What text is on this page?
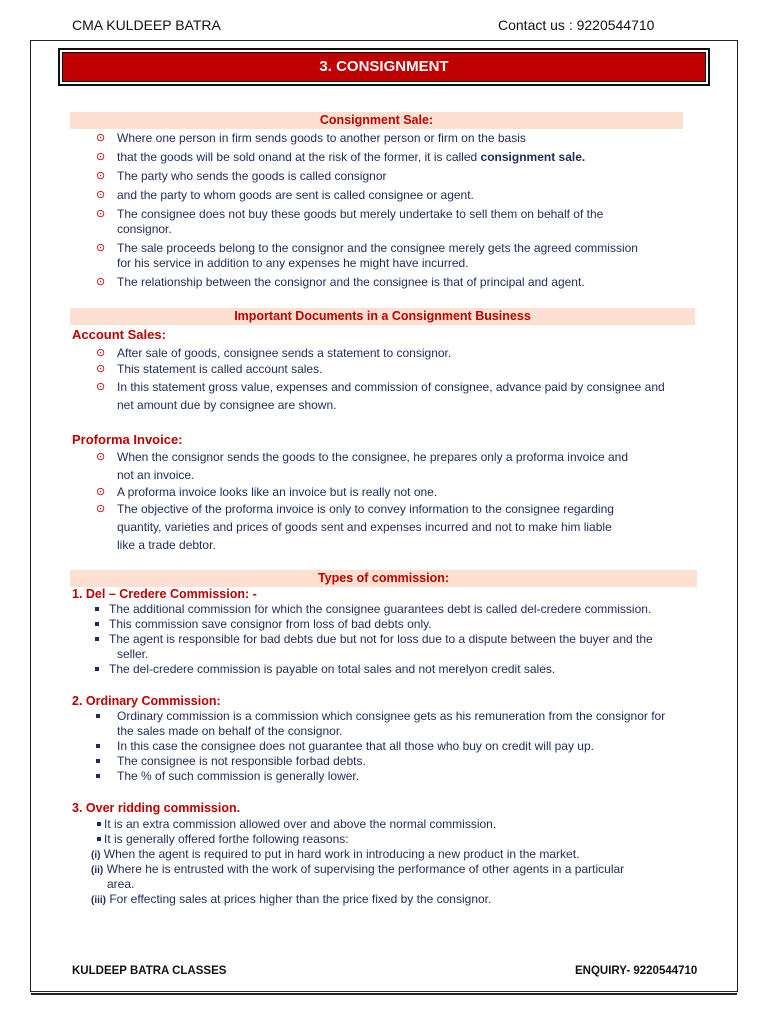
CMA KULDEEP BATRA	Contact us : 9220544710
3. CONSIGNMENT
Consignment Sale:
⊙ Where one person in firm sends goods to another person or firm on the basis
⊙ that the goods will be sold onand at the risk of the former, it is called consignment sale.
⊙ The party who sends the goods is called consignor
⊙ and the party to whom goods are sent is called consignee or agent.
⊙ The consignee does not buy these goods but merely undertake to sell them on behalf of the
consignor.
⊙ The sale proceeds belong to the consignor and the consignee merely gets the agreed commission
for his service in addition to any expenses he might have incurred.
⊙ The relationship between the consignor and the consignee is that of principal and agent.
Important Documents in a Consignment Business
Account Sales:
⊙ After sale of goods, consignee sends a statement to consignor.
⊙ This statement is called account sales.
⊙ In this statement gross value, expenses and commission of consignee, advance paid by consignee and
net amount due by consignee are shown.
Proforma Invoice:
⊙ When the consignor sends the goods to the consignee, he prepares only a proforma invoice and
not an invoice.
⊙ A proforma invoice looks like an invoice but is really not one.
⊙ The objective of the proforma invoice is only to convey information to the consignee regarding
quantity, varieties and prices of goods sent and expenses incurred and not to make him liable
like a trade debtor.
Types of commission:
1. Del – Credere Commission: -
The additional commission for which the consignee guarantees debt is called del-credere commission.
This commission save consignor from loss of bad debts only.
The agent is responsible for bad debts due but not for loss due to a dispute between the buyer and the
seller.
The del-credere commission is payable on total sales and not merelyon credit sales.
2. Ordinary Commission:
Ordinary commission is a commission which consignee gets as his remuneration from the consignor for
the sales made on behalf of the consignor.
In this case the consignee does not guarantee that all those who buy on credit will pay up.
The consignee is not responsible forbad debts.
The % of such commission is generally lower.
3. Over ridding commission.
It is an extra commission allowed over and above the normal commission.
It is generally offered forthe following reasons:
(i) When the agent is required to put in hard work in introducing a new product in the market.
(ii) Where he is entrusted with the work of supervising the performance of other agents in a particular
area.
(iii) For effecting sales at prices higher than the price fixed by the consignor.
KULDEEP BATRA CLASSES	ENQUIRY- 9220544710
